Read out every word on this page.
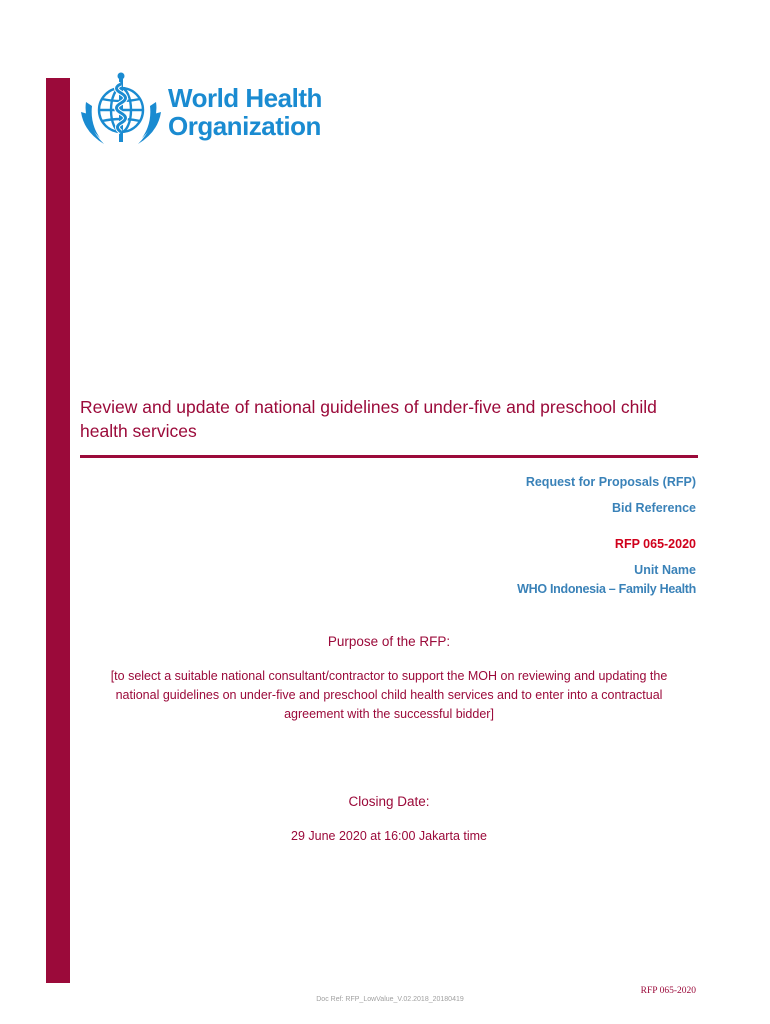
World Health
Organization
Review and update of national guidelines of under-five and preschool child health services
Request for Proposals (RFP)
Bid Reference
RFP 065-2020
Unit Name
WHO Indonesia – Family Health
Purpose of the RFP:
[to select a suitable national consultant/contractor to support the MOH on reviewing and updating the national guidelines on under-five and preschool child health services and to enter into a contractual agreement with the successful bidder]
Closing Date:
29 June 2020 at 16:00 Jakarta time
Doc Ref: RFP_LowValue_V.02.2018_20180419
RFP 065-2020
